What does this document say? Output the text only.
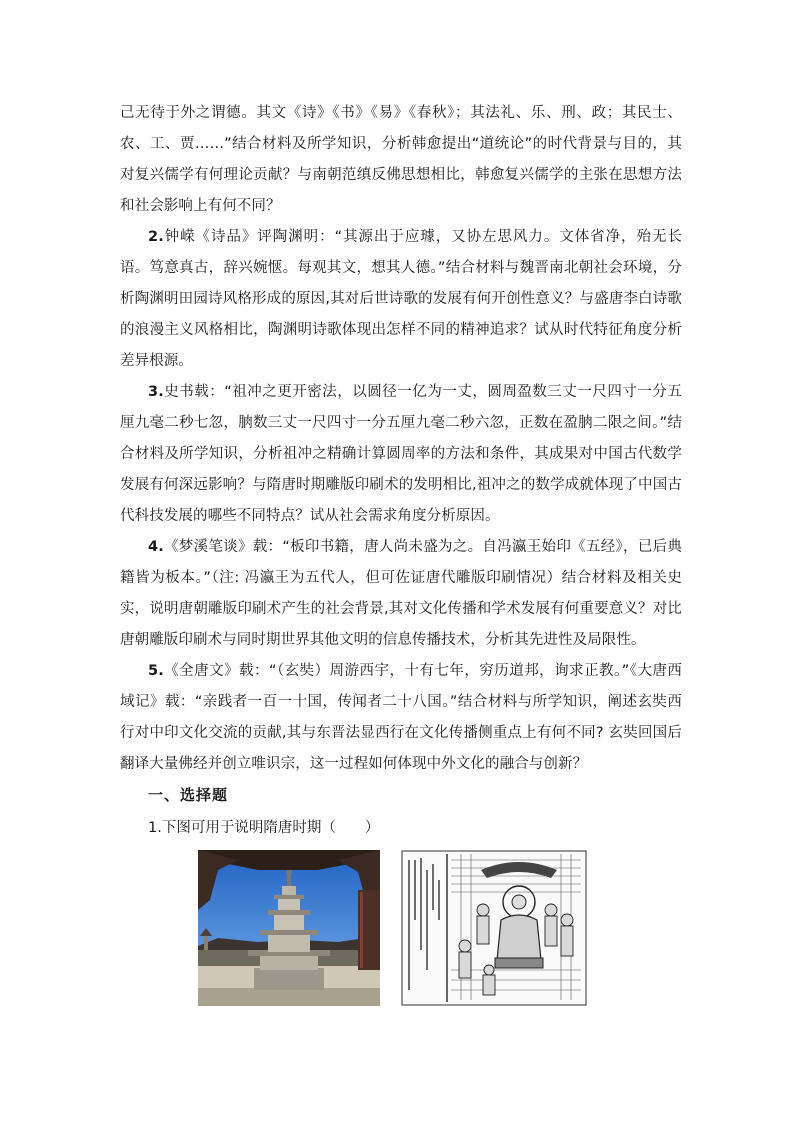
己无待于外之谓德。其文《诗》《书》《易》《春秋》；其法礼、乐、刑、政；其民士、农、工、贾……”结合材料及所学知识，分析韩愈提出“道统论”的时代背景与目的，其对复兴儒学有何理论贡献？与南朝范缜反佛思想相比，韩愈复兴儒学的主张在思想方法和社会影响上有何不同？

2.钟嵘《诗品》评陶渊明：“其源出于应璩，又协左思风力。文体省净，殆无长语。笃意真古，辞兴婉惬。每观其文，想其人德。”结合材料与魏晋南北朝社会环境，分析陶渊明田园诗风格形成的原因,其对后世诗歌的发展有何开创性意义？与盛唐李白诗歌的浪漫主义风格相比，陶渊明诗歌体现出怎样不同的精神追求？试从时代特征角度分析差异根源。

3.史书载：“祖冲之更开密法，以圆径一亿为一丈，圆周盈数三丈一尺四寸一分五厘九毫二秒七忽，朒数三丈一尺四寸一分五厘九毫二秒六忽，正数在盈朒二限之间。”结合材料及所学知识，分析祖冲之精确计算圆周率的方法和条件，其成果对中国古代数学发展有何深远影响？与隋唐时期雕版印刷术的发明相比,祖冲之的数学成就体现了中国古代科技发展的哪些不同特点？试从社会需求角度分析原因。

4.《梦溪笔谈》载：“板印书籍，唐人尚未盛为之。自冯瀛王始印《五经》，已后典籍皆为板本。”（注: 冯瀛王为五代人，但可佐证唐代雕版印刷情况）结合材料及相关史实，说明唐朝雕版印刷术产生的社会背景,其对文化传播和学术发展有何重要意义？对比唐朝雕版印刷术与同时期世界其他文明的信息传播技术，分析其先进性及局限性。

5.《全唐文》载：“（玄奘）周游西宇，十有七年，穷历道邦，询求正教。”《大唐西域记》载：“亲践者一百一十国，传闻者二十八国。”结合材料与所学知识，阐述玄奘西行对中印文化交流的贡献,其与东晋法显西行在文化传播侧重点上有何不同? 玄奘回国后翻译大量佛经并创立唯识宗，这一过程如何体现中外文化的融合与创新？

一、选择题
1.下图可用于说明隋唐时期（　　）
